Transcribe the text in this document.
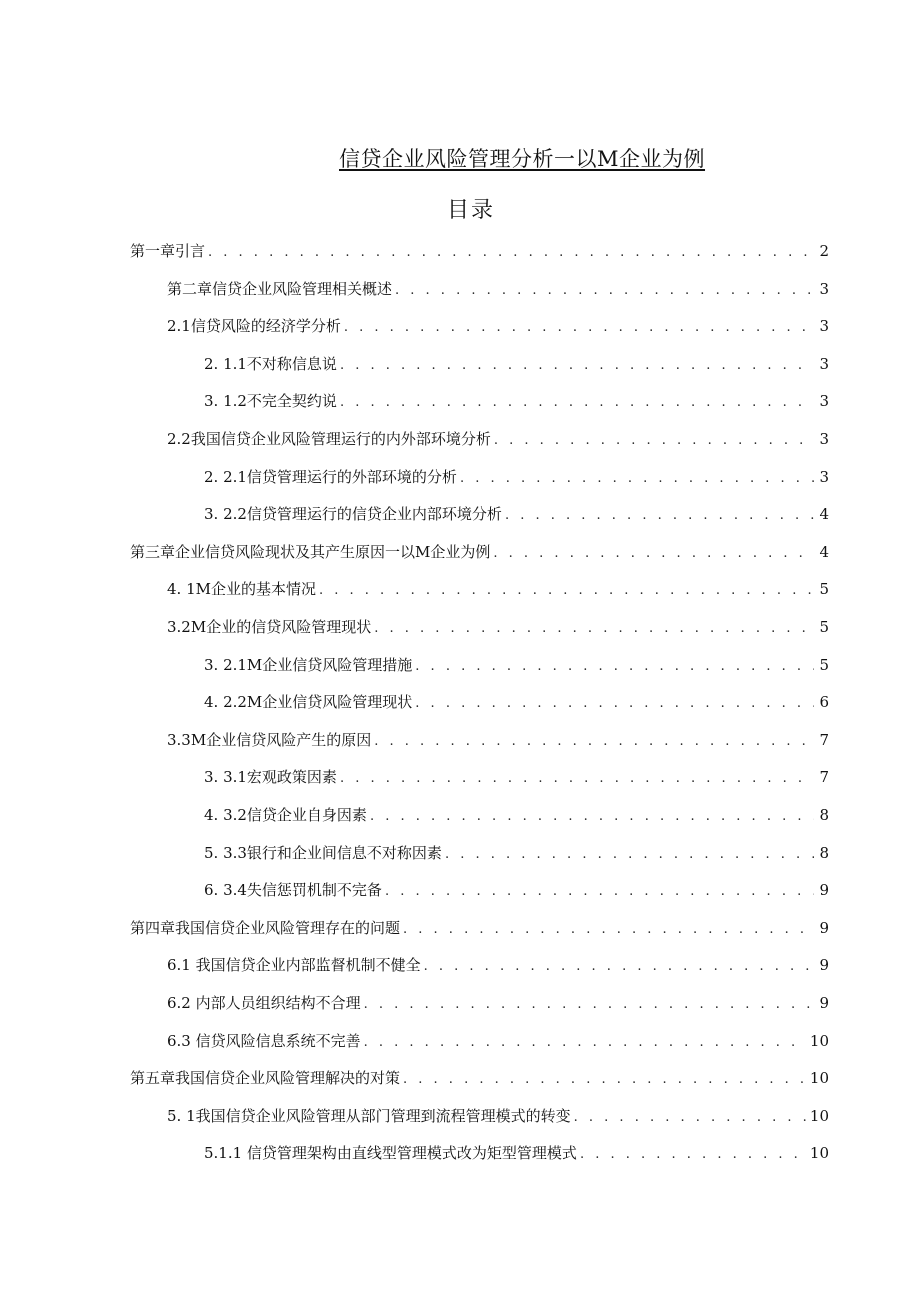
信贷企业风险管理分析一以M企业为例
目录
第一章引言 . . .	2
第二章信贷企业风险管理相关概述 . . .	3
2.1信贷风险的经济学分析 . . .	3
2. 1.1不对称信息说 . . .	3
3. 1.2不完全契约说 . . .	3
2.2我国信贷企业风险管理运行的内外部环境分析 . . .	3
2. 2.1信贷管理运行的外部环境的分析 . . .	3
3. 2.2信贷管理运行的信贷企业内部环境分析 . . .	4
第三章企业信贷风险现状及其产生原因一以M企业为例 . . .	4
4. 1M企业的基本情况 . . .	5
3.2M企业的信贷风险管理现状 . . .	5
3. 2.1M企业信贷风险管理措施 . . .	5
4. 2.2M企业信贷风险管理现状 . . .	6
3.3M企业信贷风险产生的原因 . . .	7
3. 3.1宏观政策因素 . . .	7
4. 3.2信贷企业自身因素 . . .	8
5. 3.3银行和企业间信息不对称因素 . . .	8
6. 3.4失信惩罚机制不完备 . . .	9
第四章我国信贷企业风险管理存在的问题 . . .	9
6.1 我国信贷企业内部监督机制不健全 . . .	9
6.2 内部人员组织结构不合理 . . .	9
6.3 信贷风险信息系统不完善 . . .	10
第五章我国信贷企业风险管理解决的对策 . . .	10
5. 1我国信贷企业风险管理从部门管理到流程管理模式的转变 . . .	10
5.1.1 信贷管理架构由直线型管理模式改为矩型管理模式 . . .	10
